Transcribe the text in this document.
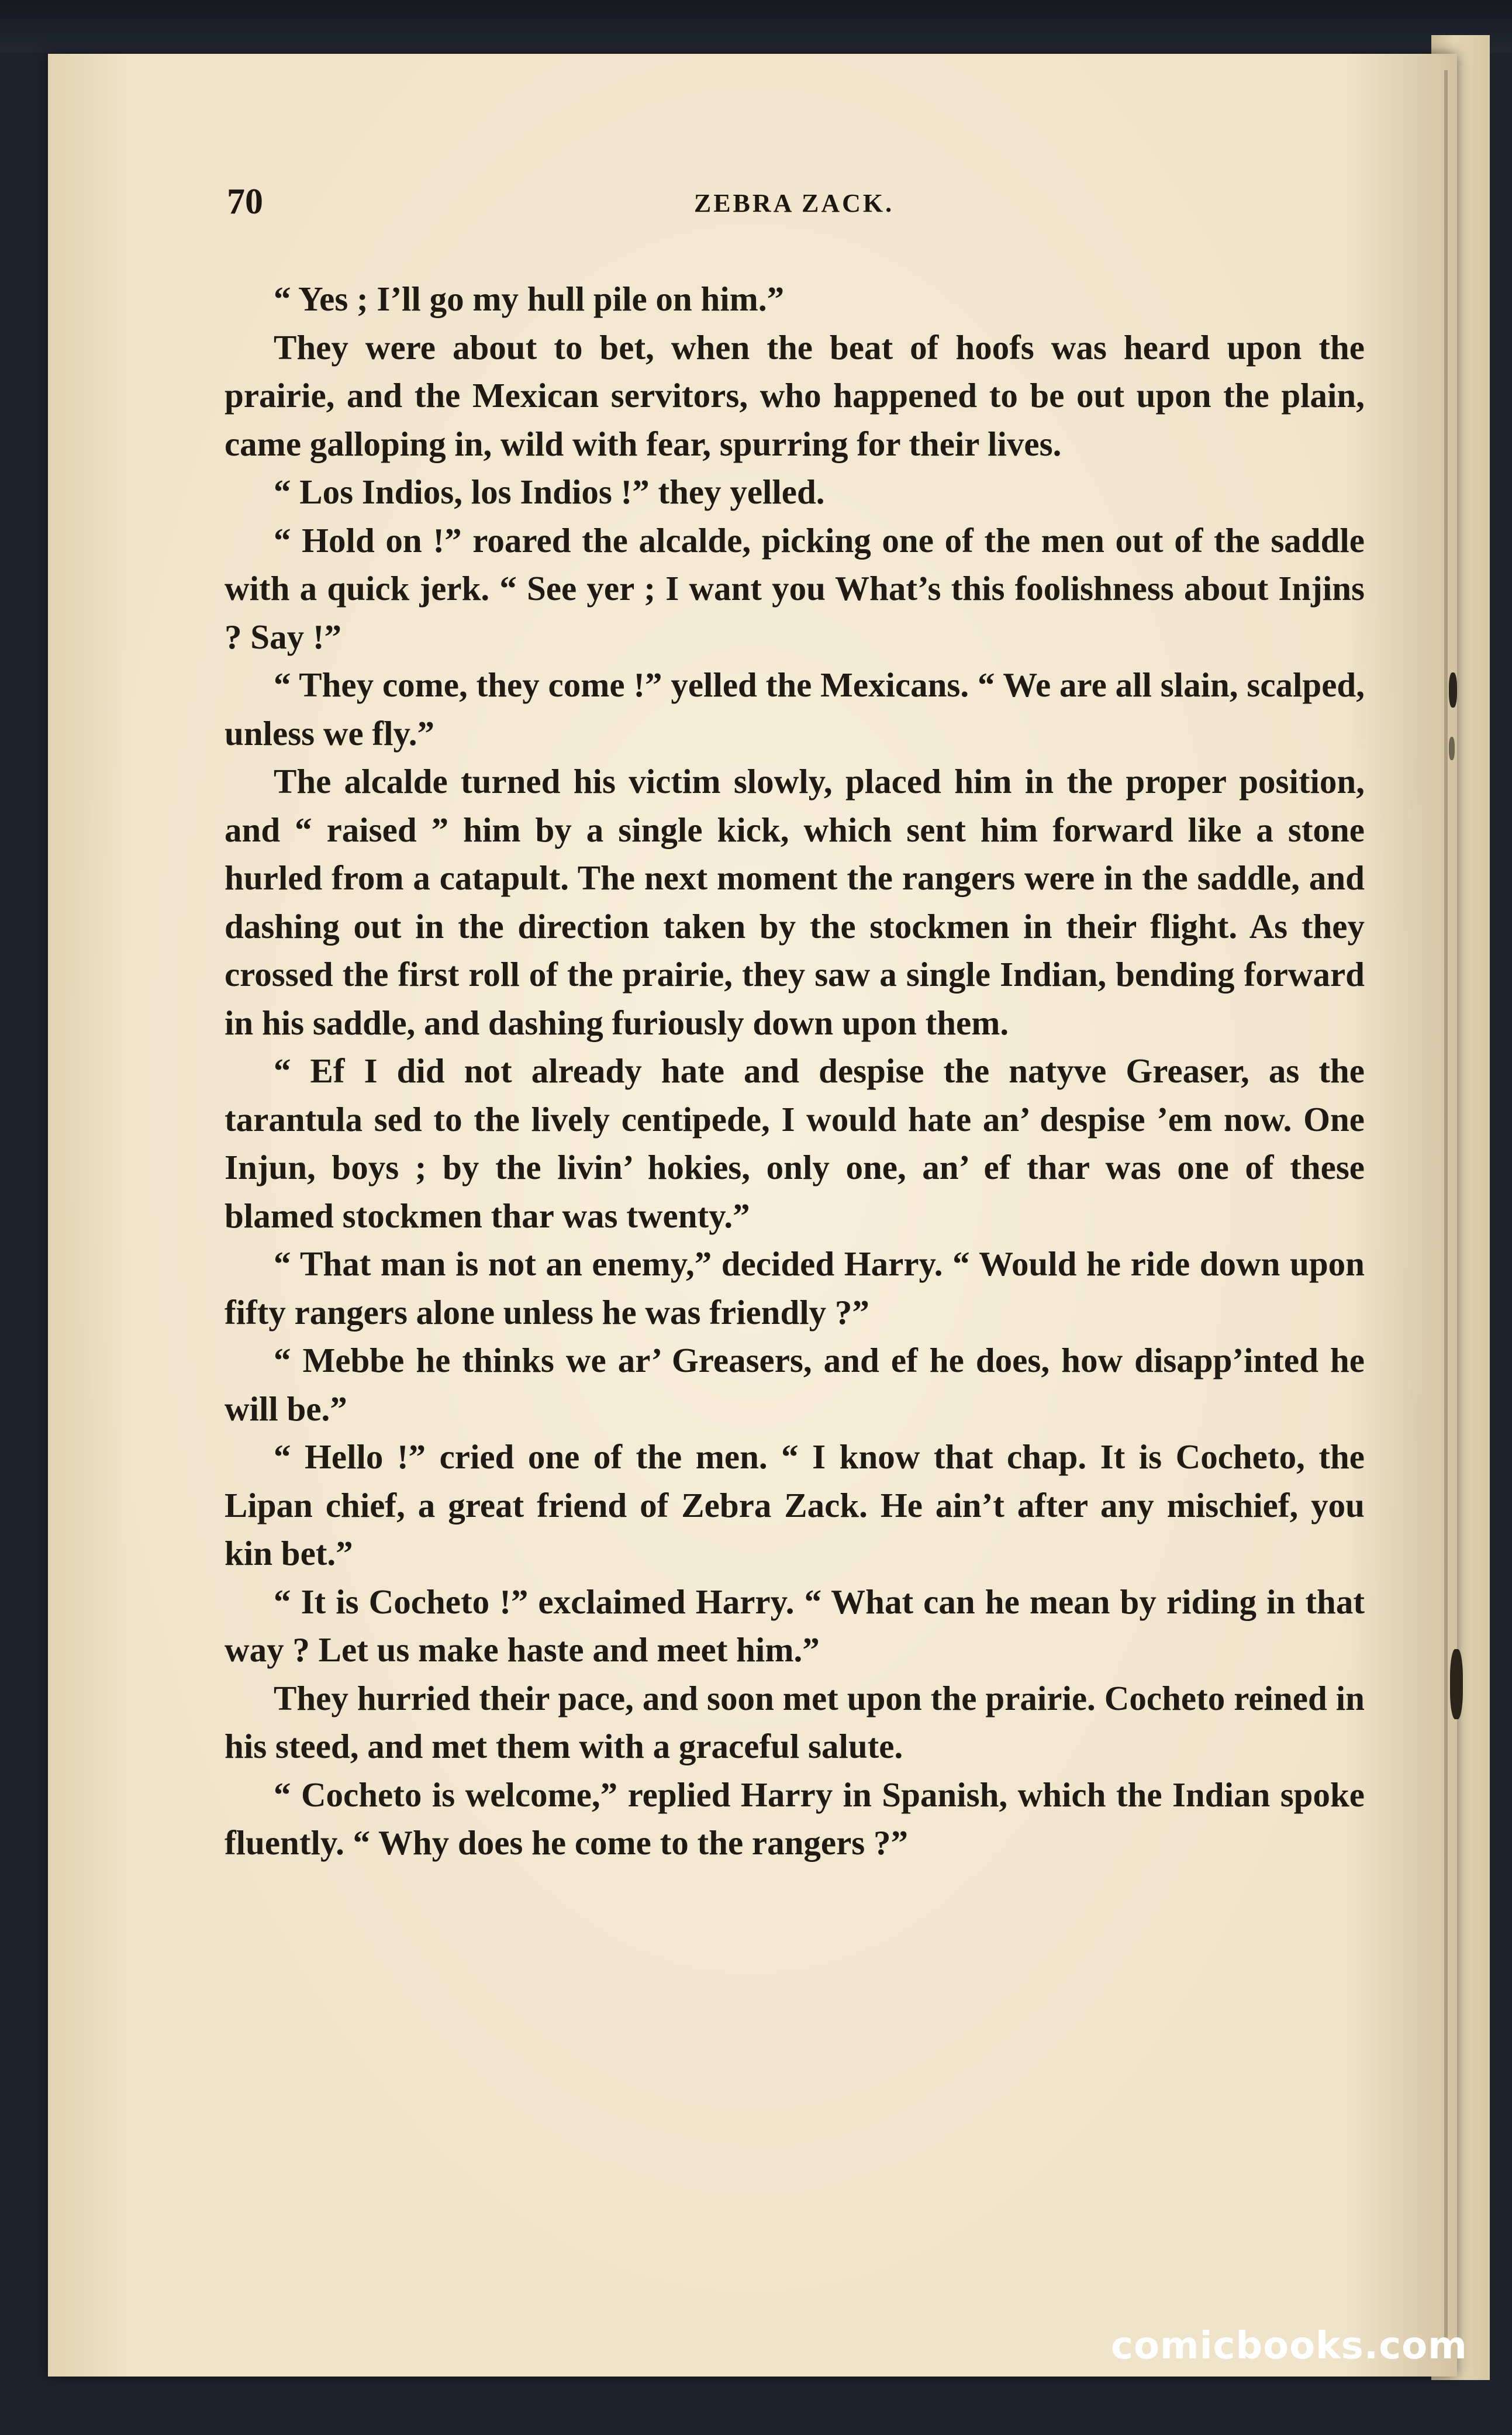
70	ZEBRA ZACK.

“ Yes ; I’ll go my hull pile on him.”

They were about to bet, when the beat of hoofs was heard upon the prairie, and the Mexican servitors, who happened to be out upon the plain, came galloping in, wild with fear, spurring for their lives.

“ Los Indios, los Indios !” they yelled.

“ Hold on !” roared the alcalde, picking one of the men out of the saddle with a quick jerk. “ See yer ; I want you What’s this foolishness about Injins ? Say !”

“ They come, they come !” yelled the Mexicans. “ We are all slain, scalped, unless we fly.”

The alcalde turned his victim slowly, placed him in the proper position, and “ raised ” him by a single kick, which sent him forward like a stone hurled from a catapult. The next moment the rangers were in the saddle, and dashing out in the direction taken by the stockmen in their flight. As they crossed the first roll of the prairie, they saw a single Indian, bending forward in his saddle, and dashing furiously down upon them.

“ Ef I did not already hate and despise the natyve Greaser, as the tarantula sed to the lively centipede, I would hate an’ despise ’em now. One Injun, boys ; by the livin’ hokies, only one, an’ ef thar was one of these blamed stockmen thar was twenty.”

“ That man is not an enemy,” decided Harry. “ Would he ride down upon fifty rangers alone unless he was friendly ?”

“ Mebbe he thinks we ar’ Greasers, and ef he does, how disapp’inted he will be.”

“ Hello !” cried one of the men. “ I know that chap. It is Cocheto, the Lipan chief, a great friend of Zebra Zack. He ain’t after any mischief, you kin bet.”

“ It is Cocheto !” exclaimed Harry. “ What can he mean by riding in that way ? Let us make haste and meet him.”

They hurried their pace, and soon met upon the prairie. Cocheto reined in his steed, and met them with a graceful salute.

“ Cocheto is welcome,” replied Harry in Spanish, which the Indian spoke fluently. “ Why does he come to the rangers ?”

comicbooks.com
